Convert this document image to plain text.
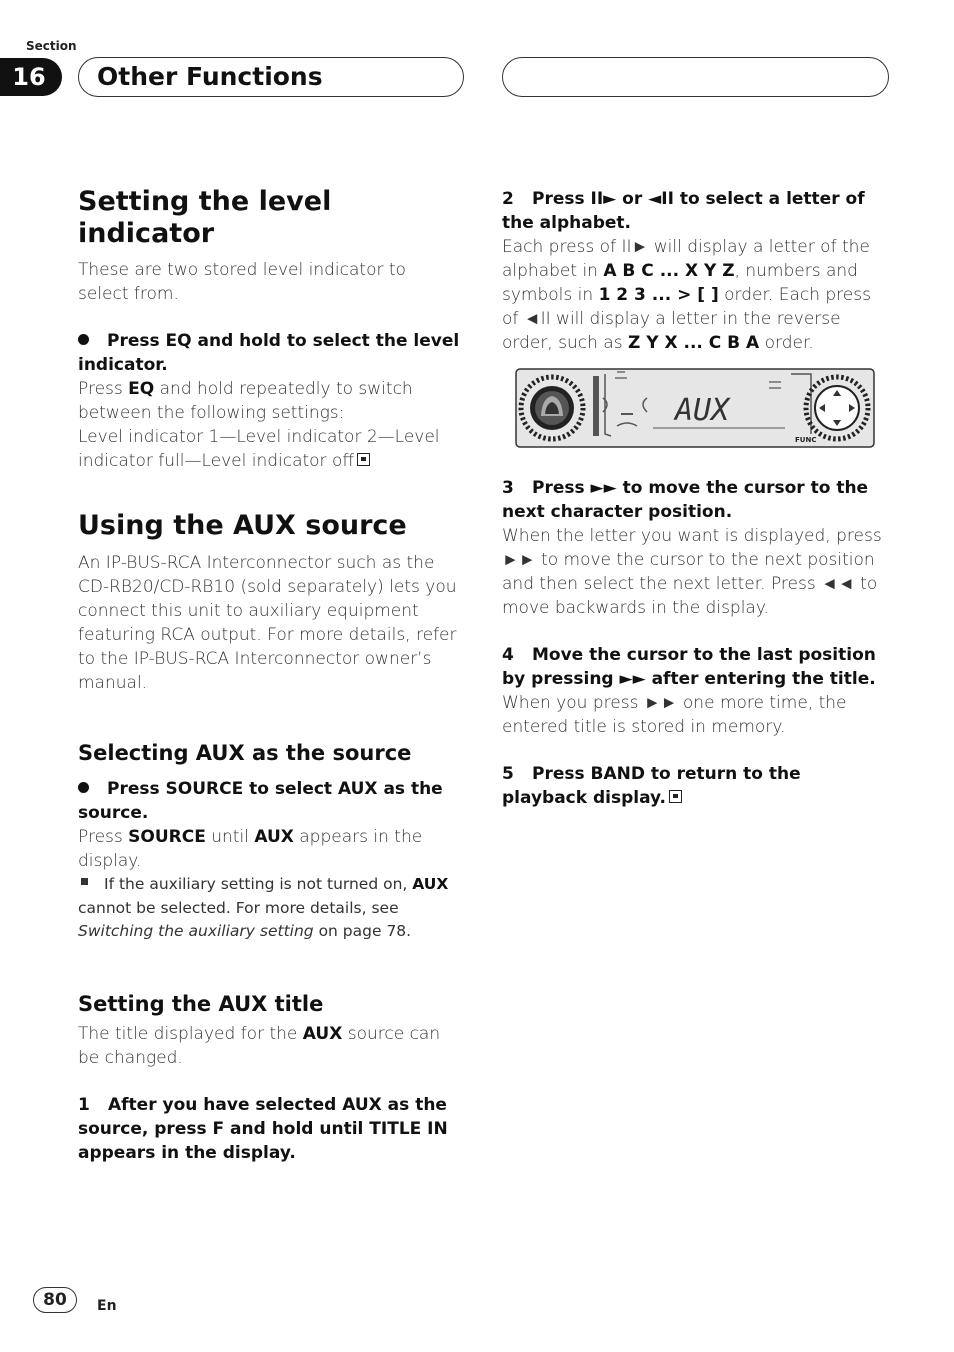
Section
16	Other Functions
Setting the level indicator

These are two stored level indicator to select from.

Press EQ and hold to select the level indicator.

Press EQ and hold repeatedly to switch between the following settings:

Level indicator 1—Level indicator 2—Level indicator full—Level indicator off

Using the AUX source

An IP-BUS-RCA Interconnector such as the CD-RB20/CD-RB10 (sold separately) lets you connect this unit to auxiliary equipment featuring RCA output. For more details, refer to the IP-BUS-RCA Interconnector owner’s manual.

Selecting AUX as the source

Press SOURCE to select AUX as the source.

Press SOURCE until AUX appears in the display.

If the auxiliary setting is not turned on, AUX cannot be selected. For more details, see Switching the auxiliary setting on page 78.

Setting the AUX title

The title displayed for the AUX source can be changed.

1 After you have selected AUX as the source, press F and hold until TITLE IN appears in the display.

2 Press II► or ◄II to select a letter of the alphabet.

Each press of II► will display a letter of the alphabet in A B C ... X Y Z, numbers and symbols in 1 2 3 ... > [ ] order. Each press of ◄II will display a letter in the reverse order, such as Z Y X ... C B A order.

AUX
FUNC

3 Press ►► to move the cursor to the next character position.

When the letter you want is displayed, press ►► to move the cursor to the next position and then select the next letter. Press ◄◄ to move backwards in the display.

4 Move the cursor to the last position by pressing ►► after entering the title.

When you press ►► one more time, the entered title is stored in memory.

5 Press BAND to return to the playback display.

80	En
